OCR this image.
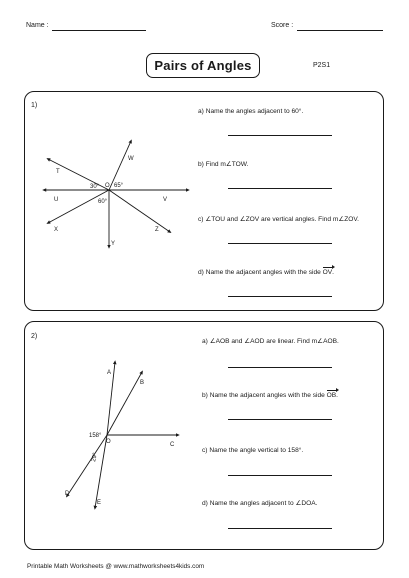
Name :	Score :
Pairs of Angles	P2S1
1)
T
W
O
U	V
X	Z
Y
30° 65°
60°
a) Name the angles adjacent to 60°.
b) Find m∠TOW.
c) ∠TOU and ∠ZOV are vertical angles. Find m∠ZOV.
d) Name the adjacent angles with the side OV.
2)
A
B
C
O
D
E
158°
29°
a) ∠AOB and ∠AOD are linear. Find m∠AOB.
b) Name the adjacent angles with the side OB.
c) Name the angle vertical to 158°.
d) Name the angles adjacent to ∠DOA.
Printable Math Worksheets @ www.mathworksheets4kids.com
